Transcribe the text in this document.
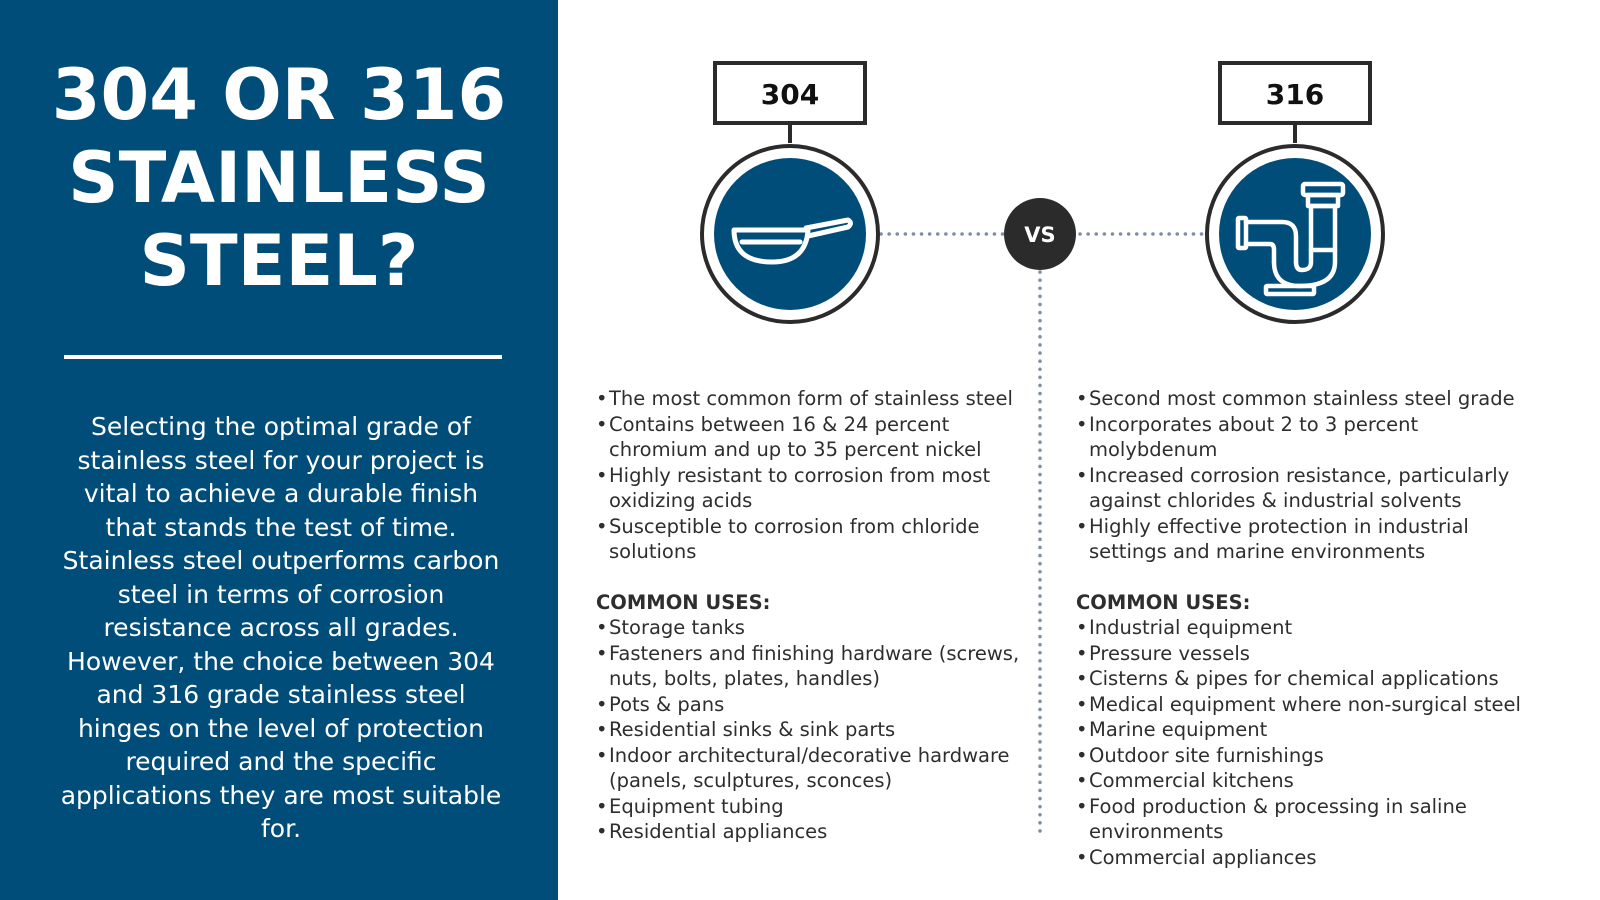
304 OR 316
STAINLESS
STEEL?

Selecting the optimal grade of stainless steel for your project is vital to achieve a durable finish that stands the test of time. Stainless steel outperforms carbon steel in terms of corrosion resistance across all grades. However, the choice between 304 and 316 grade stainless steel hinges on the level of protection required and the specific applications they are most suitable for.

304
VS
316
• The most common form of stainless steel
• Contains between 16 & 24 percent chromium and up to 35 percent nickel
• Highly resistant to corrosion from most oxidizing acids
• Susceptible to corrosion from chloride solutions
COMMON USES:
• Storage tanks
• Fasteners and finishing hardware (screws, nuts, bolts, plates, handles)
• Pots & pans
• Residential sinks & sink parts
• Indoor architectural/decorative hardware (panels, sculptures, sconces)
• Equipment tubing
• Residential appliances
• Second most common stainless steel grade
• Incorporates about 2 to 3 percent molybdenum
• Increased corrosion resistance, particularly against chlorides & industrial solvents
• Highly effective protection in industrial settings and marine environments
COMMON USES:
• Industrial equipment
• Pressure vessels
• Cisterns & pipes for chemical applications
• Medical equipment where non-surgical steel
• Marine equipment
• Outdoor site furnishings
• Commercial kitchens
• Food production & processing in saline environments
• Commercial appliances
